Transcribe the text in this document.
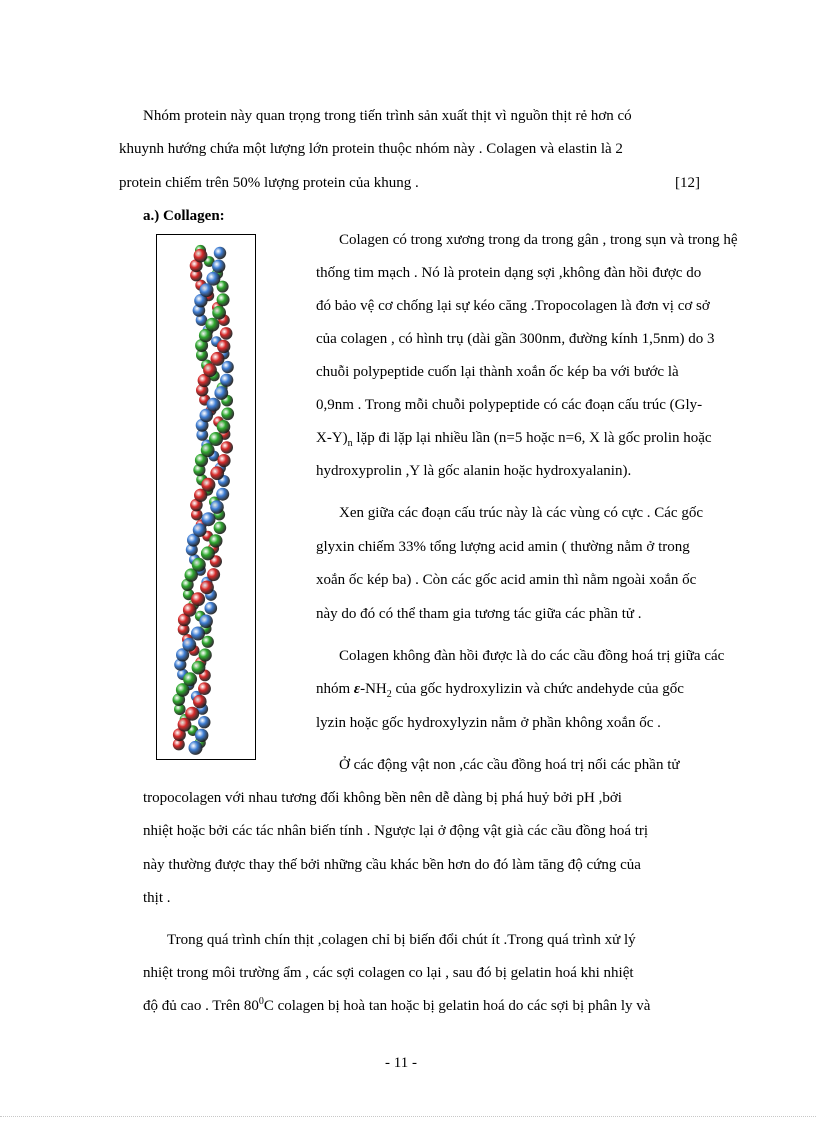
Nhóm protein này quan trọng trong tiến trình sản xuất thịt vì nguồn thịt rẻ hơn có
khuynh hướng chứa một lượng lớn protein thuộc nhóm này . Colagen và elastin là 2
protein chiếm trên 50% lượng protein của khung .	[12]
a.) Collagen:
Colagen có trong xương trong da trong gân , trong sụn và trong hệ
thống tim mạch . Nó là protein dạng sợi ,không đàn hồi được do
đó bảo vệ cơ chống lại sự kéo căng .Tropocolagen là đơn vị cơ sở
của colagen , có hình trụ (dài gần 300nm, đường kính 1,5nm) do 3
chuỗi polypeptide cuốn lại thành xoắn ốc kép ba với bước là
0,9nm . Trong mỗi chuỗi polypeptide có các đoạn cấu trúc (Gly-
$X-Y)_n$ lặp đi lặp lại nhiều lần (n=5 hoặc n=6, X là gốc prolin hoặc
hydroxyprolin ,Y là gốc alanin hoặc hydroxyalanin).
Xen giữa các đoạn cấu trúc này là các vùng có cực . Các gốc
glyxin chiếm 33% tổng lượng acid amin ( thường nằm ở trong
xoắn ốc kép ba) . Còn các gốc acid amin thì nằm ngoài xoắn ốc
này do đó có thể tham gia tương tác giữa các phần tử .
Colagen không đàn hồi được là do các cầu đồng hoá trị giữa các
nhóm $\varepsilon-NH_2$ của gốc hydroxylizin và chức andehyde của gốc
lyzin hoặc gốc hydroxylyzin nằm ở phần không xoắn ốc .
Ở các động vật non ,các cầu đồng hoá trị nối các phần tử
tropocolagen với nhau tương đối không bền nên dễ dàng bị phá huỷ bởi pH ,bởi
nhiệt hoặc bởi các tác nhân biến tính . Ngược lại ở động vật già các cầu đồng hoá trị
này thường được thay thế bởi những cầu khác bền hơn do đó làm tăng độ cứng của
thịt .
Trong quá trình chín thịt ,colagen chỉ bị biến đổi chút ít .Trong quá trình xử lý
nhiệt trong môi trường ẩm , các sợi colagen co lại , sau đó bị gelatin hoá khi nhiệt
độ đủ cao . Trên $80^0C$ colagen bị hoà tan hoặc bị gelatin hoá do các sợi bị phân ly và
- 11 -
